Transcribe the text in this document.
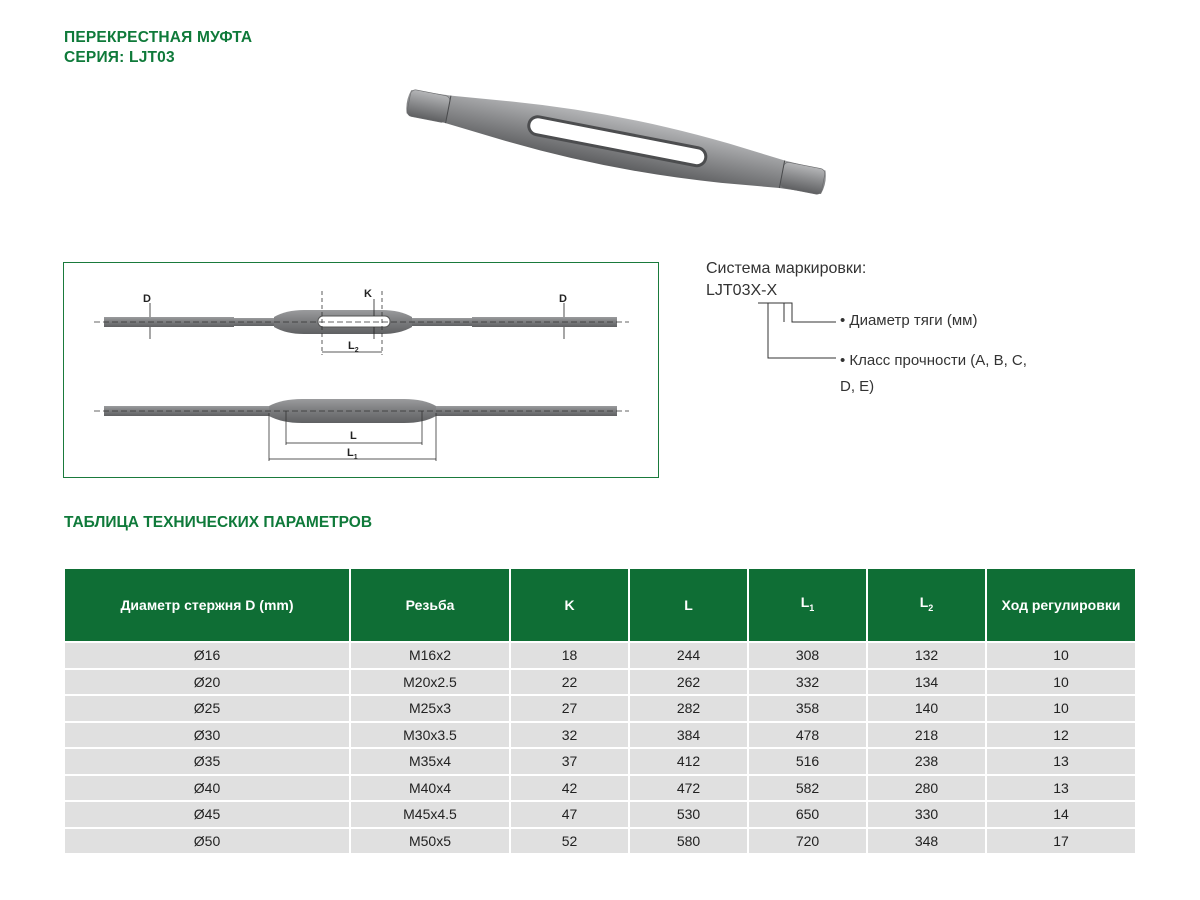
ПЕРЕКРЕСТНАЯ МУФТА
СЕРИЯ: LJT03
D	K	D
$L_2$
L
$L_1$
Система маркировки:
LJT03X-X
• Диаметр тяги (мм)
• Класс прочности (A, B, C, D, E)
ТАБЛИЦА ТЕХНИЧЕСКИХ ПАРАМЕТРОВ
Диаметр стержня D (mm)	Резьба	K	L	$L_1$	$L_2$	Ход регулировки
Ø16	M16x2	18	244	308	132	10
Ø20	M20x2.5	22	262	332	134	10
Ø25	M25x3	27	282	358	140	10
Ø30	M30x3.5	32	384	478	218	12
Ø35	M35x4	37	412	516	238	13
Ø40	M40x4	42	472	582	280	13
Ø45	M45x4.5	47	530	650	330	14
Ø50	M50x5	52	580	720	348	17
